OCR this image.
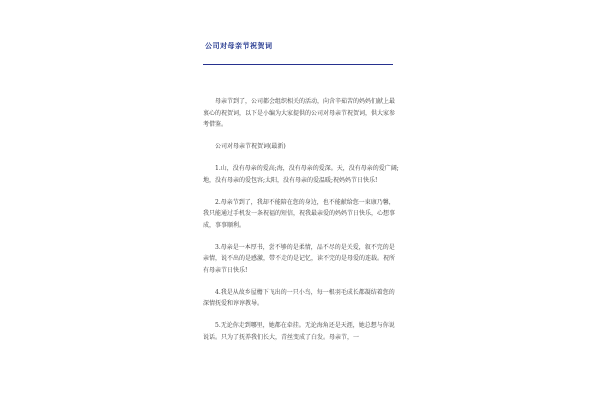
公司对母亲节祝贺词

母亲节到了，公司都会组织相关的活动，向含辛茹苦的妈妈们献上最衷心的祝贺词，以下是小编为大家提供的公司对母亲节祝贺词，供大家参考借鉴。

公司对母亲节祝贺词(最新)

1.山，没有母亲的爱高;海，没有母亲的爱深。天，没有母亲的爱广阔;地，没有母亲的爱包容;太阳，没有母亲的爱温暖;祝妈妈节日快乐!

2.母亲节到了，我却不能陪在您的身边，也不能献给您一束康乃馨，我只能通过手机发一条祝福的短信，祝我最亲爱的妈妈节日快乐，心想事成，事事顺利。

3.母亲是一本厚书，尝不够的是柔情，品不尽的是关爱，叙不完的是亲情，说不出的是感激，带不走的是记忆，读不完的是母爱的连载。祝所有母亲节日快乐!

4.我是从故乡屋檐下飞出的一只小鸟，每一根羽毛成长都凝结着您的深情抚爱和谆谆教导。

5.无论你走到哪里，她都在牵挂。无论海角还是天涯，她总想与你说说话。只为了抚养我们长大，青丝变成了白发。母亲节，一
